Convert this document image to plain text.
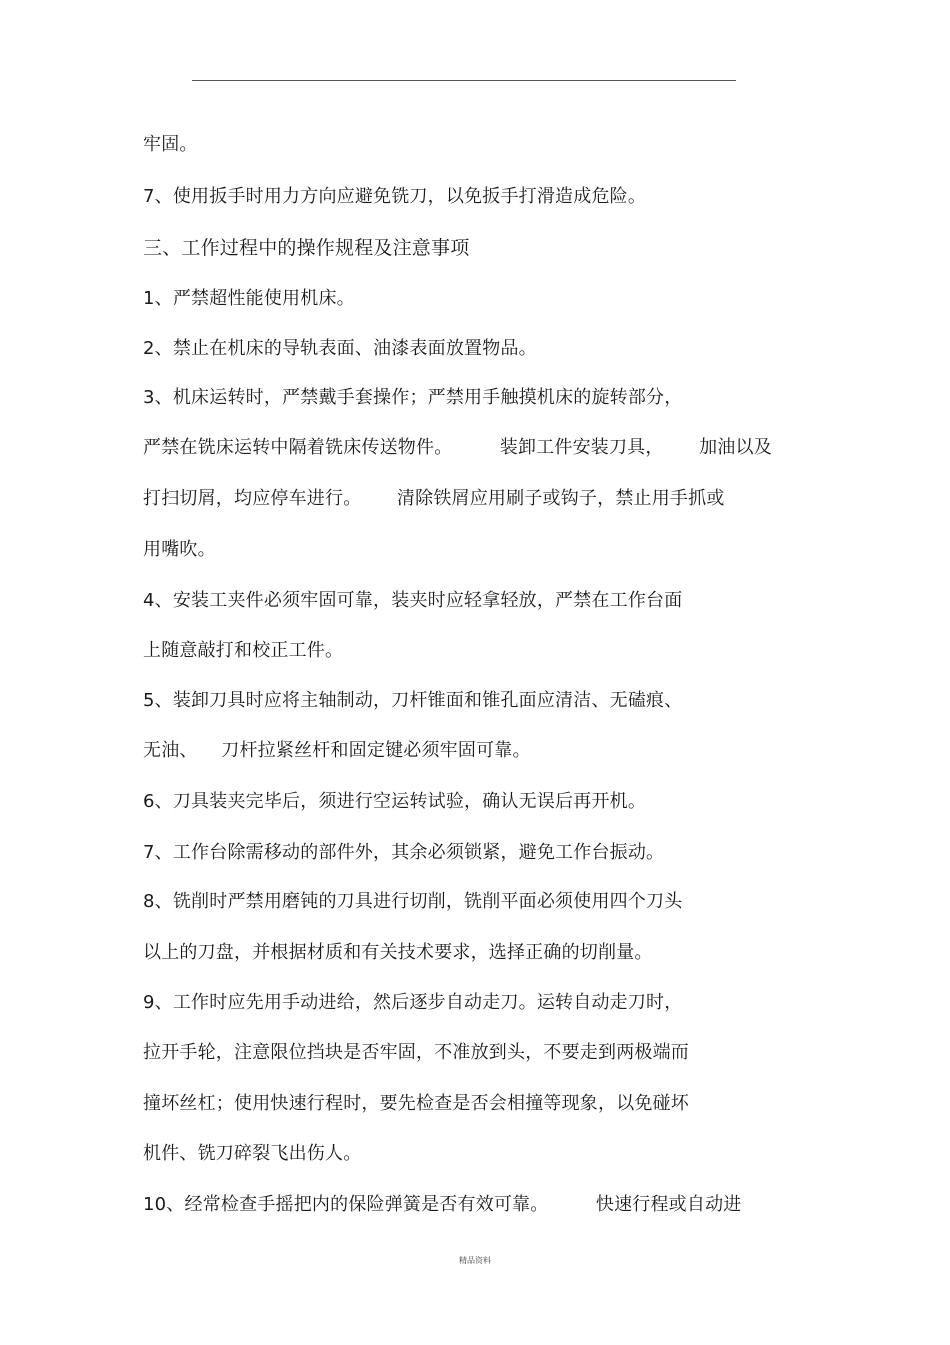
牢固。
7、使用扳手时用力方向应避免铣刀，以免扳手打滑造成危险。
三、工作过程中的操作规程及注意事项
1、严禁超性能使用机床。
2、禁止在机床的导轨表面、油漆表面放置物品。
3、机床运转时，严禁戴手套操作；严禁用手触摸机床的旋转部分，
严禁在铣床运转中隔着铣床传送物件。        装卸工件安装刀具，      加油以及
打扫切屑，均应停车进行。      清除铁屑应用刷子或钩子，禁止用手抓或
用嘴吹。
4、安装工夹件必须牢固可靠，装夹时应轻拿轻放，严禁在工作台面
上随意敲打和校正工件。
5、装卸刀具时应将主轴制动，刀杆锥面和锥孔面应清洁、无磕痕、
无油、    刀杆拉紧丝杆和固定键必须牢固可靠。
6、刀具装夹完毕后，须进行空运转试验，确认无误后再开机。
7、工作台除需移动的部件外，其余必须锁紧，避免工作台振动。
8、铣削时严禁用磨钝的刀具进行切削，铣削平面必须使用四个刀头
以上的刀盘，并根据材质和有关技术要求，选择正确的切削量。
9、工作时应先用手动进给，然后逐步自动走刀。运转自动走刀时，
拉开手轮，注意限位挡块是否牢固，不准放到头，不要走到两极端而
撞坏丝杠；使用快速行程时，要先检查是否会相撞等现象，以免碰坏
机件、铣刀碎裂飞出伤人。
10、经常检查手摇把内的保险弹簧是否有效可靠。        快速行程或自动进
精品资料
